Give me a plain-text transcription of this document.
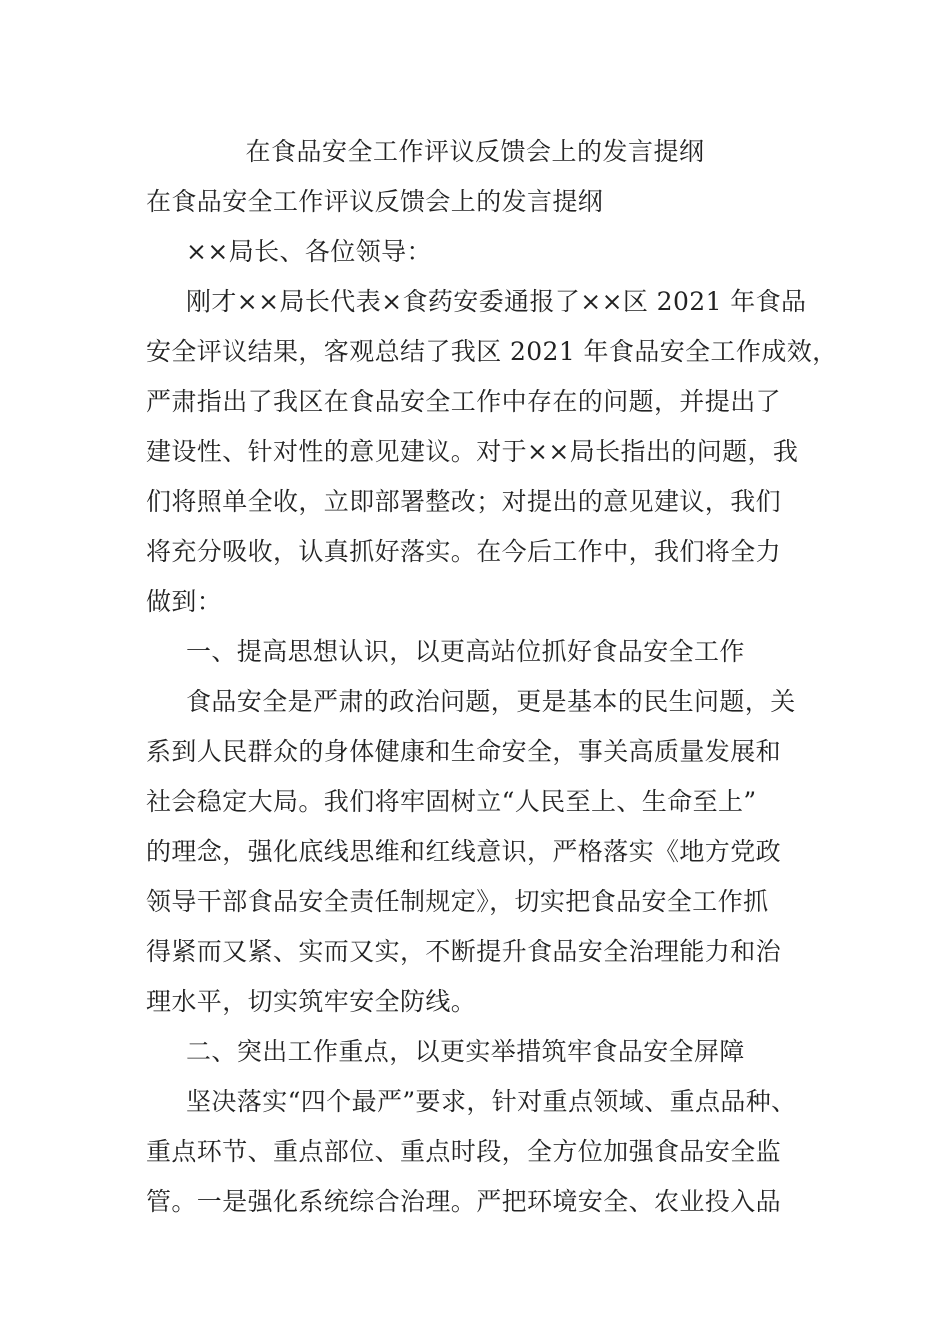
在食品安全工作评议反馈会上的发言提纲
在食品安全工作评议反馈会上的发言提纲
××局长、各位领导：
刚才××局长代表×食药安委通报了××区 2021 年食品
安全评议结果，客观总结了我区 2021 年食品安全工作成效，
严肃指出了我区在食品安全工作中存在的问题，并提出了
建设性、针对性的意见建议。对于××局长指出的问题，我
们将照单全收，立即部署整改；对提出的意见建议，我们
将充分吸收，认真抓好落实。在今后工作中，我们将全力
做到：
一、提高思想认识，以更高站位抓好食品安全工作
食品安全是严肃的政治问题，更是基本的民生问题，关
系到人民群众的身体健康和生命安全，事关高质量发展和
社会稳定大局。我们将牢固树立“人民至上、生命至上”
的理念，强化底线思维和红线意识，严格落实《地方党政
领导干部食品安全责任制规定》，切实把食品安全工作抓
得紧而又紧、实而又实，不断提升食品安全治理能力和治
理水平，切实筑牢安全防线。
二、突出工作重点，以更实举措筑牢食品安全屏障
坚决落实“四个最严”要求，针对重点领域、重点品种、
重点环节、重点部位、重点时段，全方位加强食品安全监
管。一是强化系统综合治理。严把环境安全、农业投入品
